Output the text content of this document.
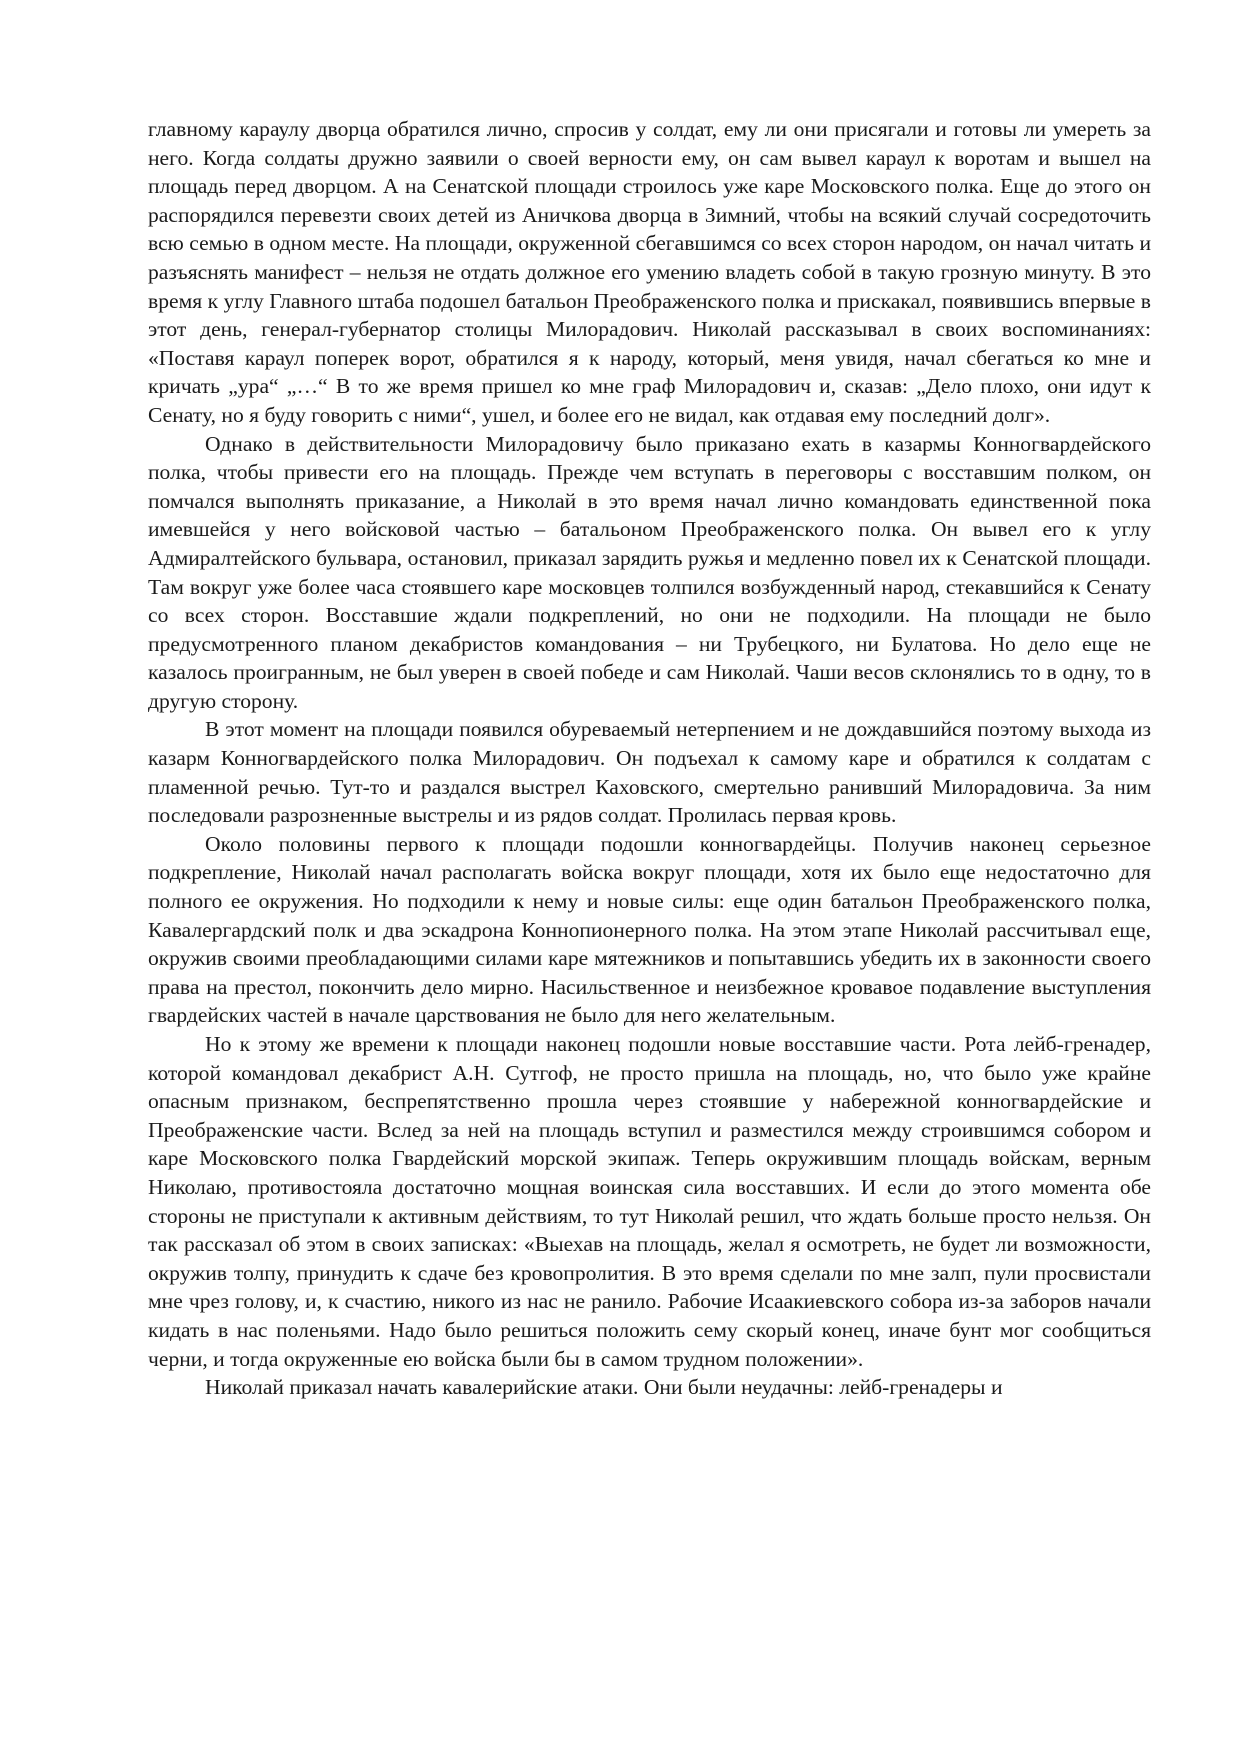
главному караулу дворца обратился лично, спросив у солдат, ему ли они присягали и готовы ли умереть за него. Когда солдаты дружно заявили о своей верности ему, он сам вывел караул к воротам и вышел на площадь перед дворцом. А на Сенатской площади строилось уже каре Московского полка. Еще до этого он распорядился перевезти своих детей из Аничкова дворца в Зимний, чтобы на всякий случай сосредоточить всю семью в одном месте. На площади, окруженной сбегавшимся со всех сторон народом, он начал читать и разъяснять манифест – нельзя не отдать должное его умению владеть собой в такую грозную минуту. В это время к углу Главного штаба подошел батальон Преображенского полка и прискакал, появившись впервые в этот день, генерал-губернатор столицы Милорадович. Николай рассказывал в своих воспоминаниях: «Поставя караул поперек ворот, обратился я к народу, который, меня увидя, начал сбегаться ко мне и кричать „ура“ „…“ В то же время пришел ко мне граф Милорадович и, сказав: „Дело плохо, они идут к Сенату, но я буду говорить с ними“, ушел, и более его не видал, как отдавая ему последний долг».

Однако в действительности Милорадовичу было приказано ехать в казармы Конногвардейского полка, чтобы привести его на площадь. Прежде чем вступать в переговоры с восставшим полком, он помчался выполнять приказание, а Николай в это время начал лично командовать единственной пока имевшейся у него войсковой частью – батальоном Преображенского полка. Он вывел его к углу Адмиралтейского бульвара, остановил, приказал зарядить ружья и медленно повел их к Сенатской площади. Там вокруг уже более часа стоявшего каре московцев толпился возбужденный народ, стекавшийся к Сенату со всех сторон. Восставшие ждали подкреплений, но они не подходили. На площади не было предусмотренного планом декабристов командования – ни Трубецкого, ни Булатова. Но дело еще не казалось проигранным, не был уверен в своей победе и сам Николай. Чаши весов склонялись то в одну, то в другую сторону.

В этот момент на площади появился обуреваемый нетерпением и не дождавшийся поэтому выхода из казарм Конногвардейского полка Милорадович. Он подъехал к самому каре и обратился к солдатам с пламенной речью. Тут-то и раздался выстрел Каховского, смертельно ранивший Милорадовича. За ним последовали разрозненные выстрелы и из рядов солдат. Пролилась первая кровь.

Около половины первого к площади подошли конногвардейцы. Получив наконец серьезное подкрепление, Николай начал располагать войска вокруг площади, хотя их было еще недостаточно для полного ее окружения. Но подходили к нему и новые силы: еще один батальон Преображенского полка, Кавалергардский полк и два эскадрона Коннопионерного полка. На этом этапе Николай рассчитывал еще, окружив своими преобладающими силами каре мятежников и попытавшись убедить их в законности своего права на престол, покончить дело мирно. Насильственное и неизбежное кровавое подавление выступления гвардейских частей в начале царствования не было для него желательным.

Но к этому же времени к площади наконец подошли новые восставшие части. Рота лейб-гренадер, которой командовал декабрист А.Н. Сутгоф, не просто пришла на площадь, но, что было уже крайне опасным признаком, беспрепятственно прошла через стоявшие у набережной конногвардейские и Преображенские части. Вслед за ней на площадь вступил и разместился между строившимся собором и каре Московского полка Гвардейский морской экипаж. Теперь окружившим площадь войскам, верным Николаю, противостояла достаточно мощная воинская сила восставших. И если до этого момента обе стороны не приступали к активным действиям, то тут Николай решил, что ждать больше просто нельзя. Он так рассказал об этом в своих записках: «Выехав на площадь, желал я осмотреть, не будет ли возможности, окружив толпу, принудить к сдаче без кровопролития. В это время сделали по мне залп, пули просвистали мне чрез голову, и, к счастию, никого из нас не ранило. Рабочие Исаакиевского собора из-за заборов начали кидать в нас поленьями. Надо было решиться положить сему скорый конец, иначе бунт мог сообщиться черни, и тогда окруженные ею войска были бы в самом трудном положении».

Николай приказал начать кавалерийские атаки. Они были неудачны: лейб-гренадеры и
